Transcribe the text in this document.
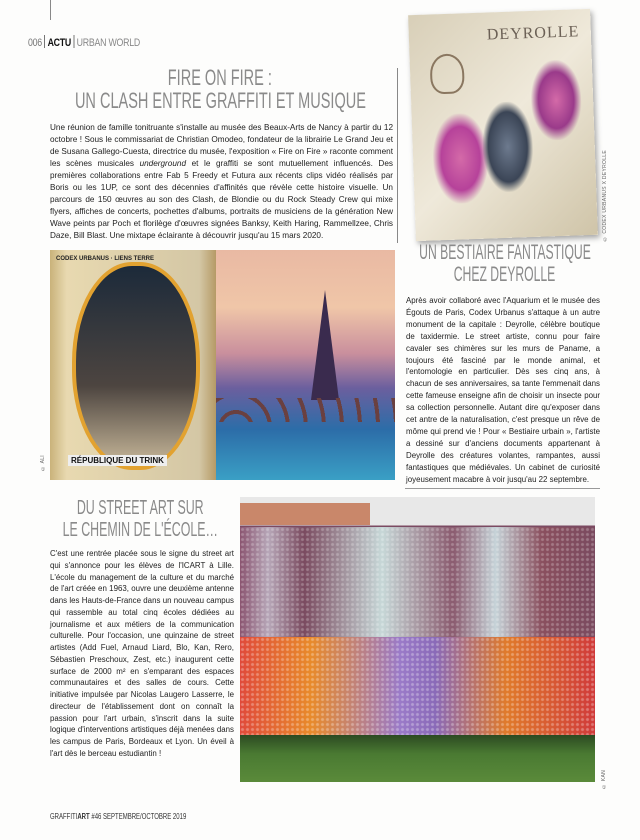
006 ACTU URBAN WORLD
FIRE ON FIRE :
UN CLASH ENTRE GRAFFITI ET MUSIQUE
Une réunion de famille tonitruante s'installe au musée des Beaux-Arts de Nancy à partir du 12 octobre ! Sous le commissariat de Christian Omodeo, fondateur de la librairie Le Grand Jeu et de Susana Gallego-Cuesta, directrice du musée, l'exposition « Fire on Fire » raconte comment les scènes musicales underground et le graffiti se sont mutuellement influencés. Des premières collaborations entre Fab 5 Freedy et Futura aux récents clips vidéo réalisés par Boris ou les 1UP, ce sont des décennies d'affinités que révèle cette histoire visuelle. Un parcours de 150 œuvres au son des Clash, de Blondie ou du Rock Steady Crew qui mixe flyers, affiches de concerts, pochettes d'albums, portraits de musiciens de la génération New Wave peints par Poch et florilège d'œuvres signées Banksy, Keith Haring, Rammellzee, Chris Daze, Bill Blast. Une mixtape éclairante à découvrir jusqu'au 15 mars 2020.
CODEX URBANUS · LIENS TERRE
RÉPUBLIQUE DU TRINK
© ALI
DEYROLLE
© CODEX URBANUS X DEYROLLE
UN BESTIAIRE FANTASTIQUE
CHEZ DEYROLLE
Après avoir collaboré avec l'Aquarium et le musée des Égouts de Paris, Codex Urbanus s'attaque à un autre monument de la capitale : Deyrolle, célèbre boutique de taxidermie. Le street artiste, connu pour faire cavaler ses chimères sur les murs de Paname, a toujours été fasciné par le monde animal, et l'entomologie en particulier. Dès ses cinq ans, à chacun de ses anniversaires, sa tante l'emmenait dans cette fameuse enseigne afin de choisir un insecte pour sa collection personnelle. Autant dire qu'exposer dans cet antre de la naturalisation, c'est presque un rêve de môme qui prend vie ! Pour « Bestiaire urbain », l'artiste a dessiné sur d'anciens documents appartenant à Deyrolle des créatures volantes, rampantes, aussi fantastiques que médiévales. Un cabinet de curiosité joyeusement macabre à voir jusqu'au 22 septembre.
DU STREET ART SUR
LE CHEMIN DE L'ÉCOLE…
C'est une rentrée placée sous le signe du street art qui s'annonce pour les élèves de l'ICART à Lille. L'école du management de la culture et du marché de l'art créée en 1963, ouvre une deuxième antenne dans les Hauts-de-France dans un nouveau campus qui rassemble au total cinq écoles dédiées au journalisme et aux métiers de la communication culturelle. Pour l'occasion, une quinzaine de street artistes (Add Fuel, Arnaud Liard, Blo, Kan, Rero, Sébastien Preschoux, Zest, etc.) inaugurent cette surface de 2000 m² en s'emparant des espaces communautaires et des salles de cours. Cette initiative impulsée par Nicolas Laugero Lasserre, le directeur de l'établissement dont on connaît la passion pour l'art urbain, s'inscrit dans la suite logique d'interventions artistiques déjà menées dans les campus de Paris, Bordeaux et Lyon. Un éveil à l'art dès le berceau estudiantin !
© KAN
GRAFFITIART #46 SEPTEMBRE/OCTOBRE 2019
